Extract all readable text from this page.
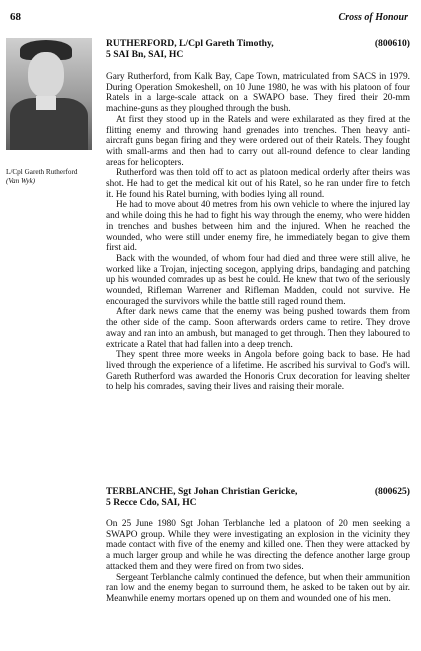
68	Cross of Honour
L/Cpl Gareth Rutherford
(Van Wyk)
RUTHERFORD, L/Cpl Gareth Timothy,	(800610)
5 SAI Bn, SAI, HC

Gary Rutherford, from Kalk Bay, Cape Town, matriculated from SACS in 1979. During Operation Smokeshell, on 10 June 1980, he was with his platoon of four Ratels in a large-scale attack on a SWAPO base. They fired their 20-mm machine-guns as they ploughed through the bush.

At first they stood up in the Ratels and were exhilarated as they fired at the flitting enemy and throwing hand grenades into trenches. Then heavy anti-aircraft guns began firing and they were ordered out of their Ratels. They fought with small-arms and then had to carry out all-round defence to clear landing areas for helicopters.

Rutherford was then told off to act as platoon medical orderly after theirs was shot. He had to get the medical kit out of his Ratel, so he ran under fire to fetch it. He found his Ratel burning, with bodies lying all round.

He had to move about 40 metres from his own vehicle to where the injured lay and while doing this he had to fight his way through the enemy, who were hidden in trenches and bushes between him and the injured. When he reached the wounded, who were still under enemy fire, he immediately began to give them first aid.

Back with the wounded, of whom four had died and three were still alive, he worked like a Trojan, injecting socegon, applying drips, bandaging and patching up his wounded comrades up as best he could. He knew that two of the seriously wounded, Rifleman Warrener and Rifleman Madden, could not survive. He encouraged the survivors while the battle still raged round them.

After dark news came that the enemy was being pushed towards them from the other side of the camp. Soon afterwards orders came to retire. They drove away and ran into an ambush, but managed to get through. Then they laboured to extricate a Ratel that had fallen into a deep trench.

They spent three more weeks in Angola before going back to base. He had lived through the experience of a lifetime. He ascribed his survival to God's will. Gareth Rutherford was awarded the Honoris Crux decoration for leaving shelter to help his comrades, saving their lives and raising their morale.

TERBLANCHE, Sgt Johan Christian Gericke,	(800625)
5 Recce Cdo, SAI, HC

On 25 June 1980 Sgt Johan Terblanche led a platoon of 20 men seeking a SWAPO group. While they were investigating an explosion in the vicinity they made contact with five of the enemy and killed one. Then they were attacked by a much larger group and while he was directing the defence another large group attacked them and they were fired on from two sides.

Sergeant Terblanche calmly continued the defence, but when their ammunition ran low and the enemy began to surround them, he asked to be taken out by air. Meanwhile enemy mortars opened up on them and wounded one of his men.
